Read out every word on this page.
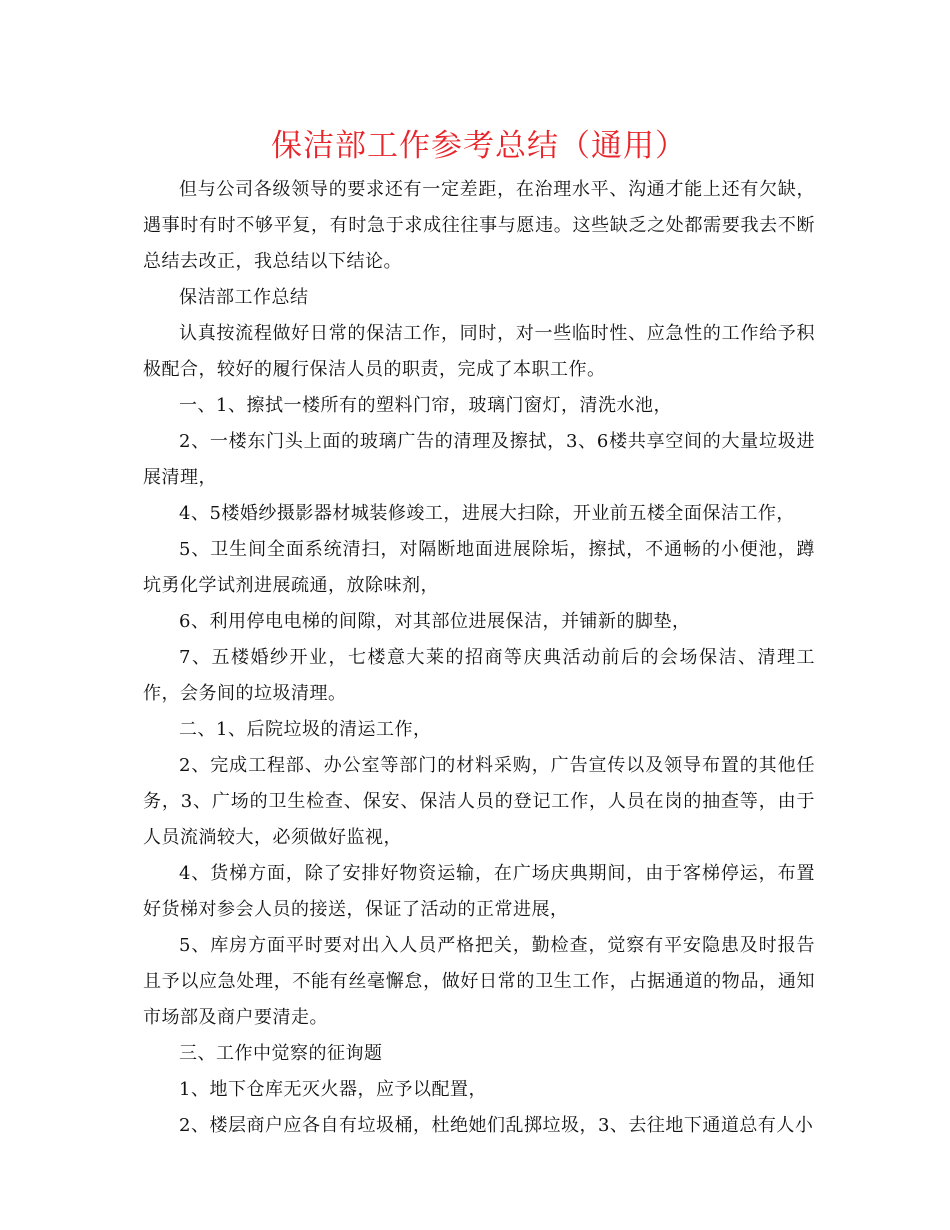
保洁部工作参考总结（通用）

但与公司各级领导的要求还有一定差距，在治理水平、沟通才能上还有欠缺，遇事时有时不够平复，有时急于求成往往事与愿违。这些缺乏之处都需要我去不断总结去改正，我总结以下结论。

保洁部工作总结

认真按流程做好日常的保洁工作，同时，对一些临时性、应急性的工作给予积极配合，较好的履行保洁人员的职责，完成了本职工作。

一、1、擦拭一楼所有的塑料门帘，玻璃门窗灯，清洗水池，

2、一楼东门头上面的玻璃广告的清理及擦拭，3、6楼共享空间的大量垃圾进展清理，

4、5楼婚纱摄影器材城装修竣工，进展大扫除，开业前五楼全面保洁工作，

5、卫生间全面系统清扫，对隔断地面进展除垢，擦拭，不通畅的小便池，蹲坑勇化学试剂进展疏通，放除味剂，

6、利用停电电梯的间隙，对其部位进展保洁，并铺新的脚垫，

7、五楼婚纱开业，七楼意大莱的招商等庆典活动前后的会场保洁、清理工作，会务间的垃圾清理。

二、1、后院垃圾的清运工作，

2、完成工程部、办公室等部门的材料采购，广告宣传以及领导布置的其他任务，3、广场的卫生检查、保安、保洁人员的登记工作，人员在岗的抽查等，由于人员流淌较大，必须做好监视，

4、货梯方面，除了安排好物资运输，在广场庆典期间，由于客梯停运，布置好货梯对参会人员的接送，保证了活动的正常进展，

5、库房方面平时要对出入人员严格把关，勤检查，觉察有平安隐患及时报告且予以应急处理，不能有丝毫懈怠，做好日常的卫生工作，占据通道的物品，通知市场部及商户要清走。

三、工作中觉察的征询题

1、地下仓库无灭火器，应予以配置，

2、楼层商户应各自有垃圾桶，杜绝她们乱掷垃圾，3、去往地下通道总有人小
